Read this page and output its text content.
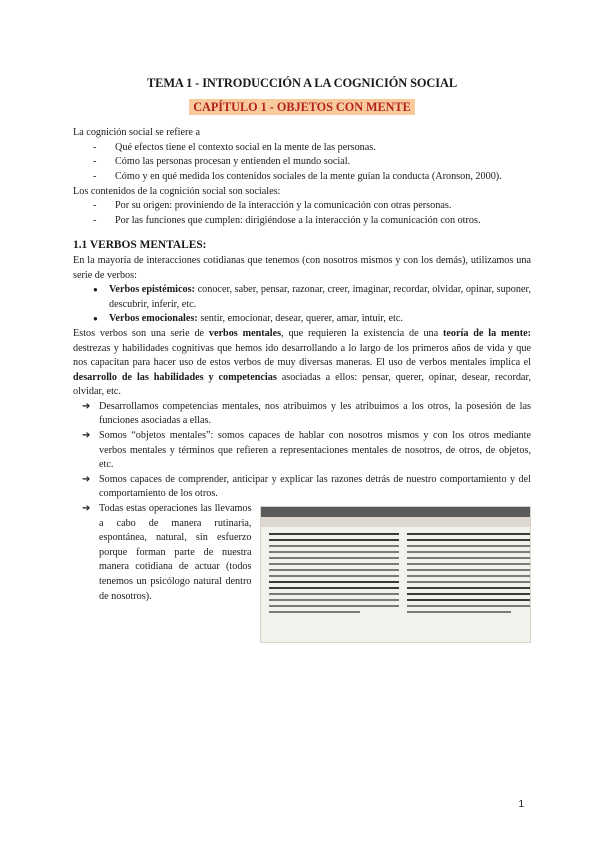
TEMA 1 - INTRODUCCIÓN A LA COGNICIÓN SOCIAL
CAPÍTULO 1 - OBJETOS CON MENTE

La cognición social se refiere a

- Qué efectos tiene el contexto social en la mente de las personas.
- Cómo las personas procesan y entienden el mundo social.
- Cómo y en qué medida los contenidos sociales de la mente guían la conducta (Aronson, 2000).

Los contenidos de la cognición social son sociales:

- Por su origen: proviniendo de la interacción y la comunicación con otras personas.
- Por las funciones que cumplen: dirigiéndose a la interacción y la comunicación con otros.
1.1 VERBOS MENTALES:

En la mayoría de interacciones cotidianas que tenemos (con nosotros mismos y con los demás), utilizamos una serie de verbos:

● Verbos epistémicos: conocer, saber, pensar, razonar, creer, imaginar, recordar, olvidar, opinar, suponer, descubrir, inferir, etc.
● Verbos emocionales: sentir, emocionar, desear, querer, amar, intuir, etc.

Estos verbos son una serie de verbos mentales, que requieren la existencia de una teoría de la mente: destrezas y habilidades cognitivas que hemos ido desarrollando a lo largo de los primeros años de vida y que nos capacitan para hacer uso de estos verbos de muy diversas maneras. El uso de verbos mentales implica el desarrollo de las habilidades y competencias asociadas a ellos: pensar, querer, opinar, desear, recordar, olvidar, etc.

➔ Desarrollamos competencias mentales, nos atribuimos y les atribuimos a los otros, la posesión de las funciones asociadas a ellas.
➔ Somos “objetos mentales”: somos capaces de hablar con nosotros mismos y con los otros mediante verbos mentales y términos que refieren a representaciones mentales de nosotros, de otros, de objetos, etc.
➔ Somos capaces de comprender, anticipar y explicar las razones detrás de nuestro comportamiento y del comportamiento de los otros.
➔ Todas estas operaciones las llevamos a cabo de manera rutinaria, espontánea, natural, sin esfuerzo porque forman parte de nuestra manera cotidiana de actuar (todos tenemos un psicólogo natural dentro de nosotros).
1
